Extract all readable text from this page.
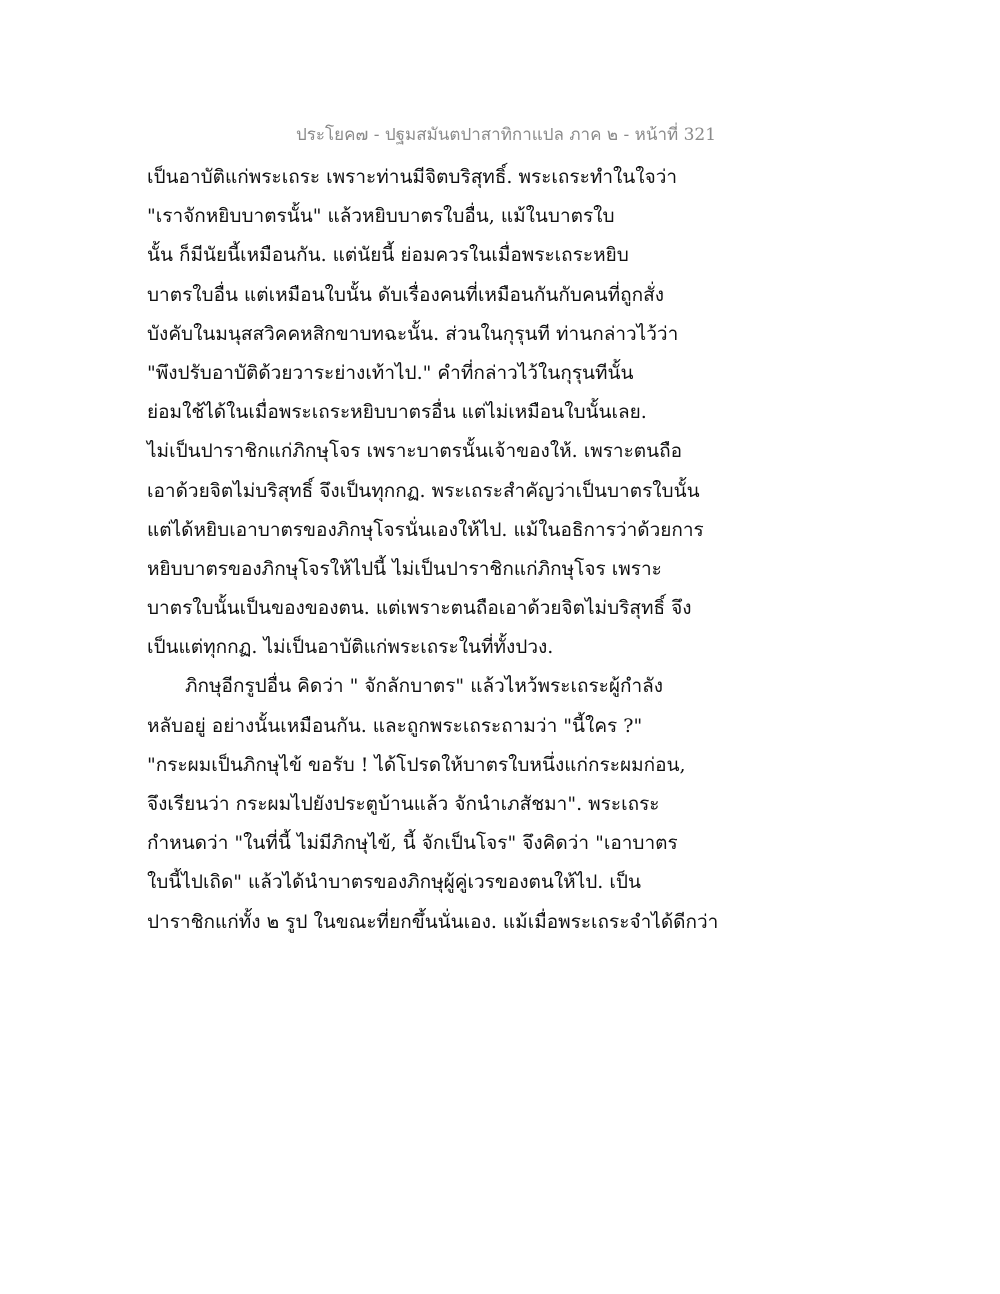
ประโยค๗ - ปฐมสมันตปาสาทิกาแปล ภาค ๒ - หน้าที่ 321
เป็นอาบัติแก่พระเถระ เพราะท่านมีจิตบริสุทธิ์. พระเถระทำในใจว่า
"เราจักหยิบบาตรนั้น" แล้วหยิบบาตรใบอื่น, แม้ในบาตรใบ
นั้น ก็มีนัยนี้เหมือนกัน. แต่นัยนี้ ย่อมควรในเมื่อพระเถระหยิบ
บาตรใบอื่น แต่เหมือนใบนั้น ดับเรื่องคนที่เหมือนกันกับคนที่ถูกสั่ง
บังคับในมนุสสวิคคหสิกขาบทฉะนั้น. ส่วนในกุรุนที ท่านกล่าวไว้ว่า
"พึงปรับอาบัติด้วยวาระย่างเท้าไป." คำที่กล่าวไว้ในกุรุนทีนั้น
ย่อมใช้ได้ในเมื่อพระเถระหยิบบาตรอื่น แต่ไม่เหมือนใบนั้นเลย.
ไม่เป็นปาราชิกแก่ภิกษุโจร เพราะบาตรนั้นเจ้าของให้. เพราะตนถือ
เอาด้วยจิตไม่บริสุทธิ์ จึงเป็นทุกกฏ. พระเถระสำคัญว่าเป็นบาตรใบนั้น
แต่ได้หยิบเอาบาตรของภิกษุโจรนั่นเองให้ไป. แม้ในอธิการว่าด้วยการ
หยิบบาตรของภิกษุโจรให้ไปนี้ ไม่เป็นปาราชิกแก่ภิกษุโจร เพราะ
บาตรใบนั้นเป็นของของตน. แต่เพราะตนถือเอาด้วยจิตไม่บริสุทธิ์ จึง
เป็นแต่ทุกกฏ. ไม่เป็นอาบัติแก่พระเถระในที่ทั้งปวง.
ภิกษุอีกรูปอื่น คิดว่า " จักลักบาตร" แล้วไหว้พระเถระผู้กำลัง
หลับอยู่ อย่างนั้นเหมือนกัน. และถูกพระเถระถามว่า "นี้ใคร ?"
"กระผมเป็นภิกษุไข้ ขอรับ ! ได้โปรดให้บาตรใบหนึ่งแก่กระผมก่อน,
จึงเรียนว่า กระผมไปยังประตูบ้านแล้ว จักนำเภสัชมา". พระเถระ
กำหนดว่า "ในที่นี้ ไม่มีภิกษุไข้, นี้ จักเป็นโจร" จึงคิดว่า "เอาบาตร
ใบนี้ไปเถิด" แล้วได้นำบาตรของภิกษุผู้คู่เวรของตนให้ไป. เป็น
ปาราชิกแก่ทั้ง ๒ รูป ในขณะที่ยกขึ้นนั่นเอง. แม้เมื่อพระเถระจำได้ดีกว่า
